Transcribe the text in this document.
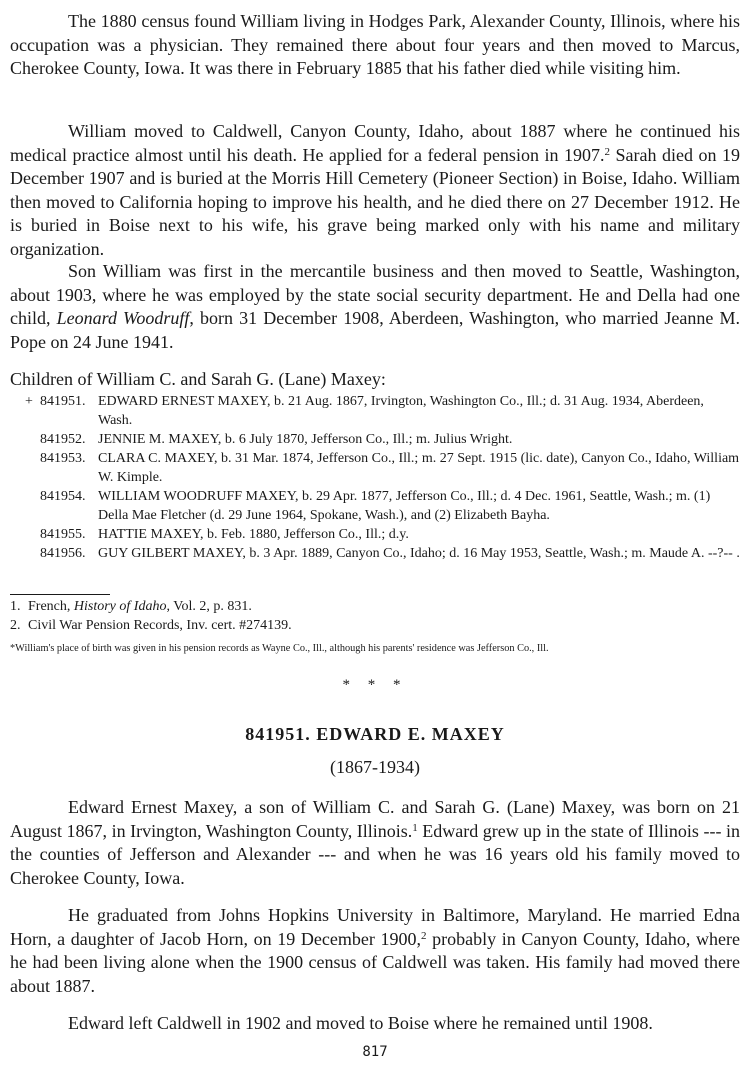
The 1880 census found William living in Hodges Park, Alexander County, Illinois, where his occupation was a physician. They remained there about four years and then moved to Marcus, Cherokee County, Iowa. It was there in February 1885 that his father died while visiting him.

William moved to Caldwell, Canyon County, Idaho, about 1887 where he continued his medical practice almost until his death. He applied for a federal pension in 1907.$^2$ Sarah died on 19 December 1907 and is buried at the Morris Hill Cemetery (Pioneer Section) in Boise, Idaho. William then moved to California hoping to improve his health, and he died there on 27 December 1912. He is buried in Boise next to his wife, his grave being marked only with his name and military organization.

Son William was first in the mercantile business and then moved to Seattle, Washington, about 1903, where he was employed by the state social security department. He and Della had one child, Leonard Woodruff, born 31 December 1908, Aberdeen, Washington, who married Jeanne M. Pope on 24 June 1941.

Children of William C. and Sarah G. (Lane) Maxey:

+ 841951. EDWARD ERNEST MAXEY, b. 21 Aug. 1867, Irvington, Washington Co., Ill.; d. 31 Aug. 1934, Aberdeen, Wash.

841952. JENNIE M. MAXEY, b. 6 July 1870, Jefferson Co., Ill.; m. Julius Wright.

841953. CLARA C. MAXEY, b. 31 Mar. 1874, Jefferson Co., Ill.; m. 27 Sept. 1915 (lic. date), Canyon Co., Idaho, William W. Kimple.

841954. WILLIAM WOODRUFF MAXEY, b. 29 Apr. 1877, Jefferson Co., Ill.; d. 4 Dec. 1961, Seattle, Wash.; m. (1) Della Mae Fletcher (d. 29 June 1964, Spokane, Wash.), and (2) Elizabeth Bayha.

841955. HATTIE MAXEY, b. Feb. 1880, Jefferson Co., Ill.; d.y.

841956. GUY GILBERT MAXEY, b. 3 Apr. 1889, Canyon Co., Idaho; d. 16 May 1953, Seattle, Wash.; m. Maude A. --?-- .

1. French, History of Idaho, Vol. 2, p. 831.

2. Civil War Pension Records, Inv. cert. #274139.

*William's place of birth was given in his pension records as Wayne Co., Ill., although his parents' residence was Jefferson Co., Ill.

* * *

841951. EDWARD E. MAXEY

(1867-1934)

Edward Ernest Maxey, a son of William C. and Sarah G. (Lane) Maxey, was born on 21 August 1867, in Irvington, Washington County, Illinois.$^1$ Edward grew up in the state of Illinois --- in the counties of Jefferson and Alexander --- and when he was 16 years old his family moved to Cherokee County, Iowa.

He graduated from Johns Hopkins University in Baltimore, Maryland. He married Edna Horn, a daughter of Jacob Horn, on 19 December 1900,$^2$ probably in Canyon County, Idaho, where he had been living alone when the 1900 census of Caldwell was taken. His family had moved there about 1887.

Edward left Caldwell in 1902 and moved to Boise where he remained until 1908.

817
